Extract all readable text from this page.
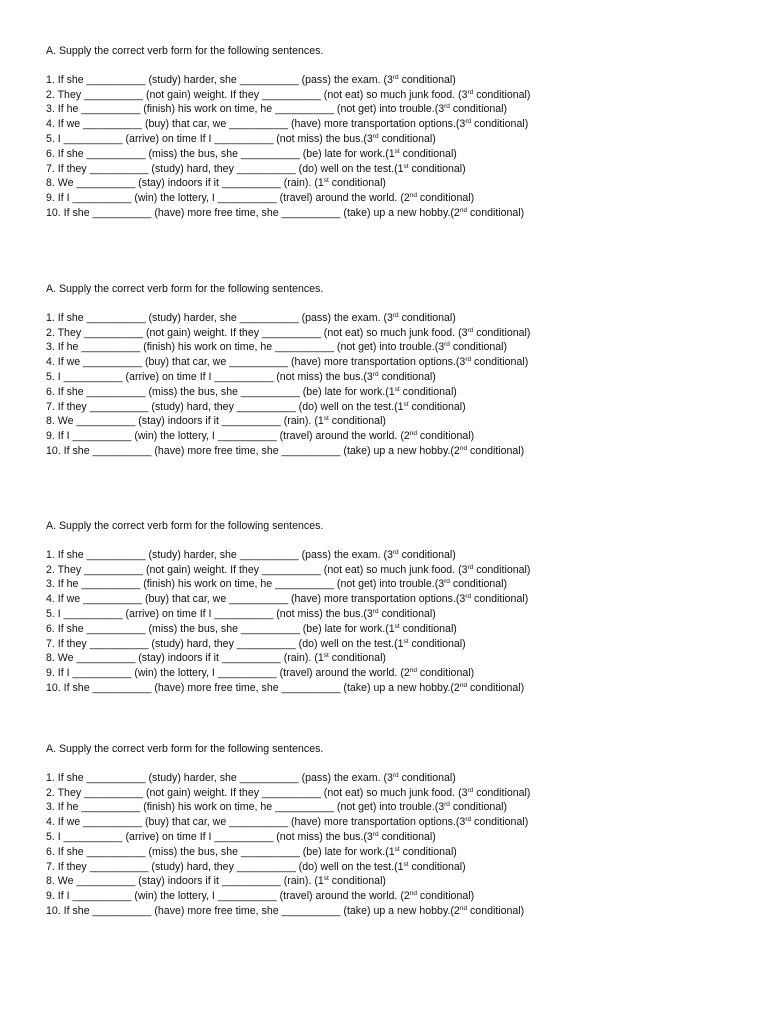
A. Supply the correct verb form for the following sentences.
1. If she __________ (study) harder, she __________ (pass) the exam. (3rd conditional)
2. They __________ (not gain) weight. If they __________ (not eat) so much junk food. (3rd conditional)
3. If he __________ (finish) his work on time, he __________ (not get) into trouble.(3rd conditional)
4. If we __________ (buy) that car, we __________ (have) more transportation options.(3rd conditional)
5. I __________ (arrive) on time If I __________ (not miss) the bus.(3rd conditional)
6. If she __________ (miss) the bus, she __________ (be) late for work.(1st conditional)
7. If they __________ (study) hard, they __________ (do) well on the test.(1st conditional)
8. We __________ (stay) indoors if it __________ (rain). (1st conditional)
9. If I __________ (win) the lottery, I __________ (travel) around the world. (2nd conditional)
10. If she __________ (have) more free time, she __________ (take) up a new hobby.(2nd conditional)
A. Supply the correct verb form for the following sentences.
1. If she __________ (study) harder, she __________ (pass) the exam. (3rd conditional)
2. They __________ (not gain) weight. If they __________ (not eat) so much junk food. (3rd conditional)
3. If he __________ (finish) his work on time, he __________ (not get) into trouble.(3rd conditional)
4. If we __________ (buy) that car, we __________ (have) more transportation options.(3rd conditional)
5. I __________ (arrive) on time If I __________ (not miss) the bus.(3rd conditional)
6. If she __________ (miss) the bus, she __________ (be) late for work.(1st conditional)
7. If they __________ (study) hard, they __________ (do) well on the test.(1st conditional)
8. We __________ (stay) indoors if it __________ (rain). (1st conditional)
9. If I __________ (win) the lottery, I __________ (travel) around the world. (2nd conditional)
10. If she __________ (have) more free time, she __________ (take) up a new hobby.(2nd conditional)
A. Supply the correct verb form for the following sentences.
1. If she __________ (study) harder, she __________ (pass) the exam. (3rd conditional)
2. They __________ (not gain) weight. If they __________ (not eat) so much junk food. (3rd conditional)
3. If he __________ (finish) his work on time, he __________ (not get) into trouble.(3rd conditional)
4. If we __________ (buy) that car, we __________ (have) more transportation options.(3rd conditional)
5. I __________ (arrive) on time If I __________ (not miss) the bus.(3rd conditional)
6. If she __________ (miss) the bus, she __________ (be) late for work.(1st conditional)
7. If they __________ (study) hard, they __________ (do) well on the test.(1st conditional)
8. We __________ (stay) indoors if it __________ (rain). (1st conditional)
9. If I __________ (win) the lottery, I __________ (travel) around the world. (2nd conditional)
10. If she __________ (have) more free time, she __________ (take) up a new hobby.(2nd conditional)
A. Supply the correct verb form for the following sentences.
1. If she __________ (study) harder, she __________ (pass) the exam. (3rd conditional)
2. They __________ (not gain) weight. If they __________ (not eat) so much junk food. (3rd conditional)
3. If he __________ (finish) his work on time, he __________ (not get) into trouble.(3rd conditional)
4. If we __________ (buy) that car, we __________ (have) more transportation options.(3rd conditional)
5. I __________ (arrive) on time If I __________ (not miss) the bus.(3rd conditional)
6. If she __________ (miss) the bus, she __________ (be) late for work.(1st conditional)
7. If they __________ (study) hard, they __________ (do) well on the test.(1st conditional)
8. We __________ (stay) indoors if it __________ (rain). (1st conditional)
9. If I __________ (win) the lottery, I __________ (travel) around the world. (2nd conditional)
10. If she __________ (have) more free time, she __________ (take) up a new hobby.(2nd conditional)
